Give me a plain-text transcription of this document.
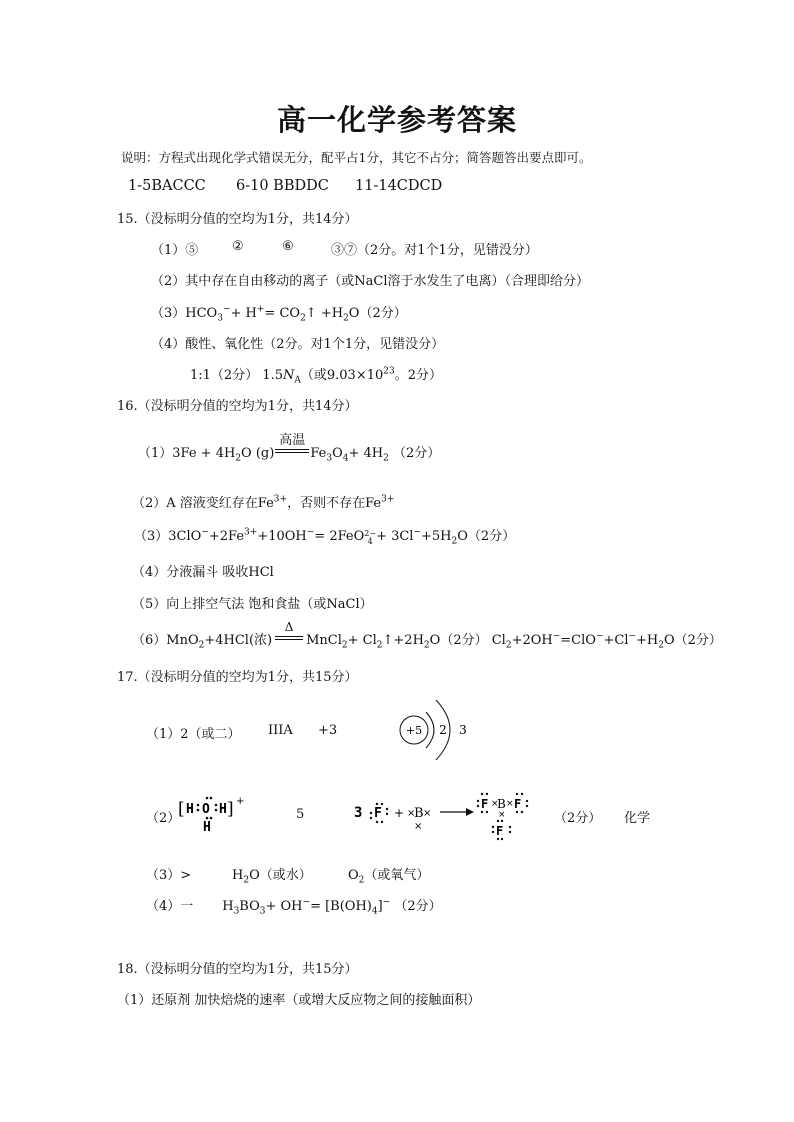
高一化学参考答案
说明：方程式出现化学式错误无分，配平占1分，其它不占分；简答题答出要点即可。
1-5BACCC 6-10 BBDDC 11-14CDCD
15.（没标明分值的空均为1分，共14分）
（1）⑤	②	⑥	③⑦（2分。对1个1分，见错没分）
（2）其中存在自由移动的离子（或NaCl溶于水发生了电离）（合理即给分）
$(3)HCO_3^-+ H^+=$ $CO_2↑ +H_2O(2$分）
（4）酸性、氧化性（2分。对1个1分，见错没分）
1:1（2分） $1.5N_A$（或$9.03\times 10^{23}$。2分）
16.（没标明分值的空均为1分，共14分）
$(1)3Fe + 4H_2O$ (g)
高温
$Fe_3O_4+ 4H_2$ （2分）
（2）A 溶液变红存在$Fe^{3+}$，否则不存在$Fe^{3+}$
$(3)3ClO^-+2Fe^{3+}+10OH^-= 2FeO2-$
$4+ 3Cl^-+5H_2O(2$分）
（4）分液漏斗 吸收HCl
（5）向上排空气法 饱和食盐（或NaCl）
（6）MnO$_2$+4HCl(浓)
Δ
MnCl$_2$+ $Cl_2↑+2H_2O(2$分） $Cl_2+2OH^-=ClO^-+Cl^-+H_2O(2$分）
17.（没标明分值的空均为1分，共15分）
（1）2（或二） IIIA +3	+5 2 3
（2）
[ H O H ] +
H
5	3 F + ×
B ×
×
F ×
B × F
×
F
（2分） 化学
（3）>	$H_2O$（或水）	$O_2$（或氧气）
（4）一 $H_3BO_3+ OH^-= [B(OH)_4]^-$ （2分）
18.（没标明分值的空均为1分，共15分）
（1）还原剂 加快焙烧的速率（或增大反应物之间的接触面积）
